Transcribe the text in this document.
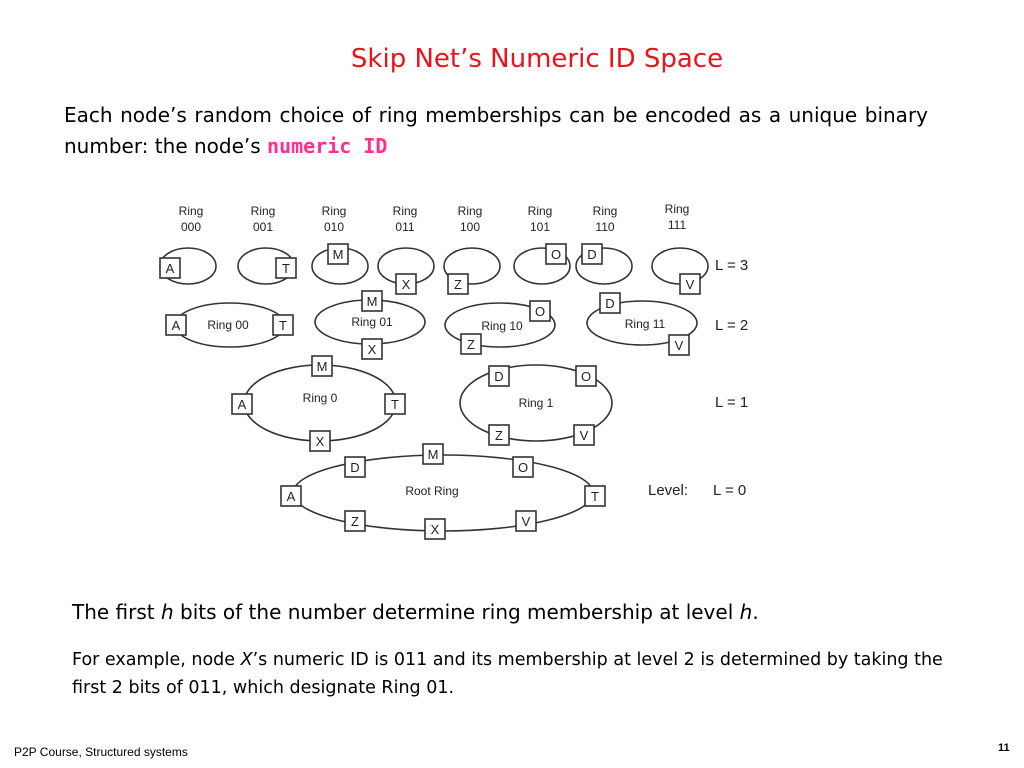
Skip Net’s Numeric ID Space
Each node’s random choice of ring memberships can be encoded as a unique binary number: the node’s numeric ID
Ring 000
Ring 001
Ring 010
Ring 011
Ring 100
Ring 101
Ring 110
Ring 111
Ring 00	Ring 01	Ring 10	Ring 11
Ring 0	Ring 1
Root Ring
A	T
M
X	Z
O D
V
A	T
M
X
O
Z
D
V
M
A	T
X
D	O
Z	V
D
M
O
A	T
Z
X
V
L = 3
L = 2
L = 1
Level: L = 0
The first h bits of the number determine ring membership at level h.
For example, node X’s numeric ID is 011 and its membership at level 2 is determined by taking the first 2 bits of 011, which designate Ring 01.
P2P Course, Structured systems	11
